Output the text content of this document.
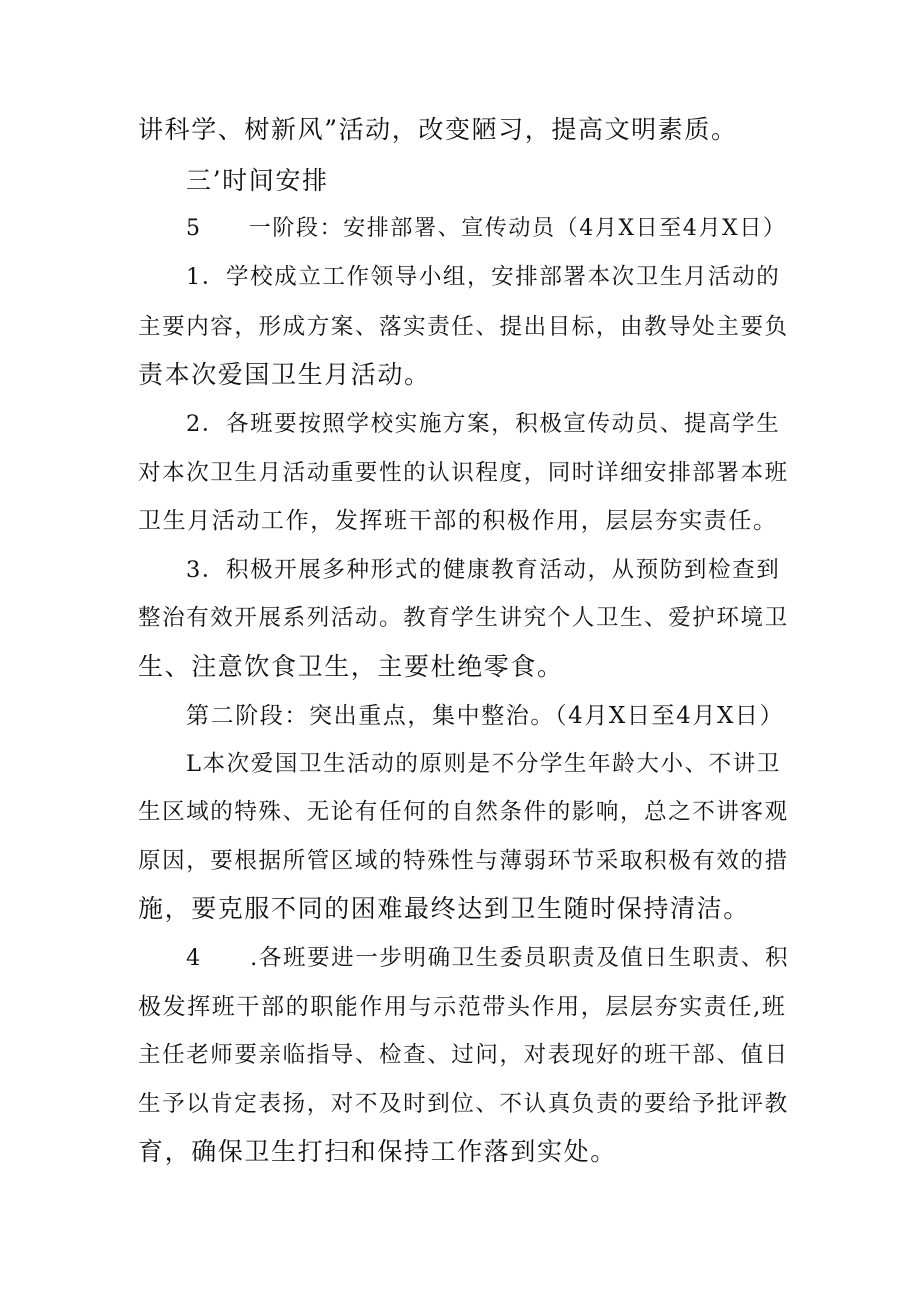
讲科学、树新风”活动，改变陋习，提高文明素质。
三’时间安排
5　　一阶段：安排部署、宣传动员（4月X日至4月X日）
1．学校成立工作领导小组，安排部署本次卫生月活动的
主要内容，形成方案、落实责任、提出目标，由教导处主要负
责本次爱国卫生月活动。
2．各班要按照学校实施方案，积极宣传动员、提高学生
对本次卫生月活动重要性的认识程度，同时详细安排部署本班
卫生月活动工作，发挥班干部的积极作用，层层夯实责任。
3．积极开展多种形式的健康教育活动，从预防到检查到
整治有效开展系列活动。教育学生讲究个人卫生、爱护环境卫
生、注意饮食卫生，主要杜绝零食。
第二阶段：突出重点，集中整治。（4月X日至4月X日）
L本次爱国卫生活动的原则是不分学生年龄大小、不讲卫
生区域的特殊、无论有任何的自然条件的影响，总之不讲客观
原因，要根据所管区域的特殊性与薄弱环节采取积极有效的措
施，要克服不同的困难最终达到卫生随时保持清洁。
4　　.各班要进一步明确卫生委员职责及值日生职责、积
极发挥班干部的职能作用与示范带头作用，层层夯实责任,班
主任老师要亲临指导、检查、过问，对表现好的班干部、值日
生予以肯定表扬，对不及时到位、不认真负责的要给予批评教
育，确保卫生打扫和保持工作落到实处。
